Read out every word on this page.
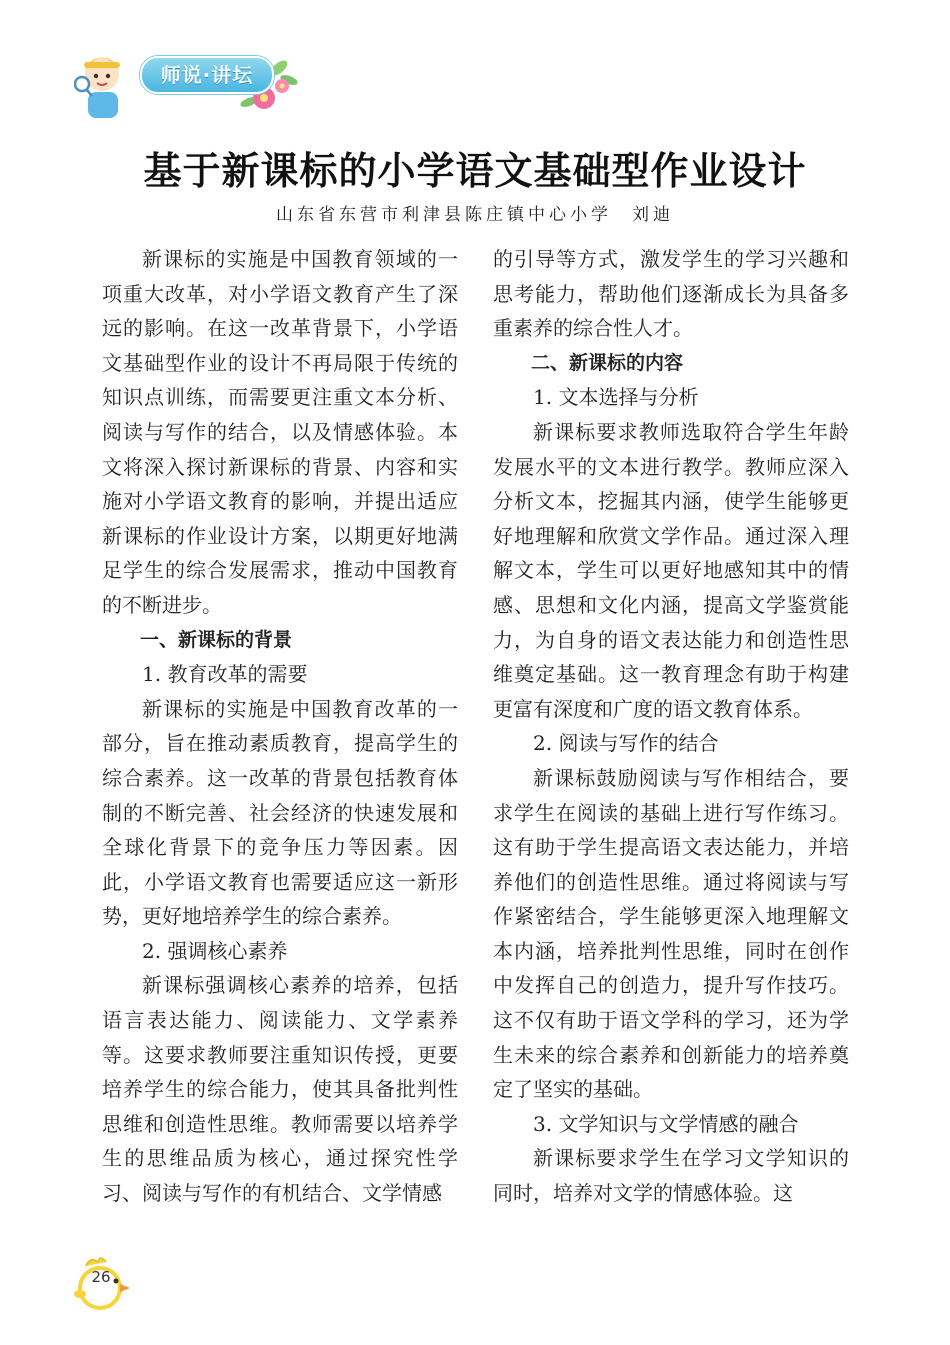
师说·讲坛
基于新课标的小学语文基础型作业设计
山东省东营市利津县陈庄镇中心小学 刘迪

新课标的实施是中国教育领域的一项重大改革，对小学语文教育产生了深远的影响。在这一改革背景下，小学语文基础型作业的设计不再局限于传统的知识点训练，而需要更注重文本分析、阅读与写作的结合，以及情感体验。本文将深入探讨新课标的背景、内容和实施对小学语文教育的影响，并提出适应新课标的作业设计方案，以期更好地满足学生的综合发展需求，推动中国教育的不断进步。

一、新课标的背景
1. 教育改革的需要

新课标的实施是中国教育改革的一部分，旨在推动素质教育，提高学生的综合素养。这一改革的背景包括教育体制的不断完善、社会经济的快速发展和全球化背景下的竞争压力等因素。因此，小学语文教育也需要适应这一新形势，更好地培养学生的综合素养。

2. 强调核心素养

新课标强调核心素养的培养，包括语言表达能力、阅读能力、文学素养等。这要求教师要注重知识传授，更要培养学生的综合能力，使其具备批判性思维和创造性思维。教师需要以培养学生的思维品质为核心，通过探究性学习、阅读与写作的有机结合、文学情感

的引导等方式，激发学生的学习兴趣和思考能力，帮助他们逐渐成长为具备多重素养的综合性人才。

二、新课标的内容
1. 文本选择与分析

新课标要求教师选取符合学生年龄发展水平的文本进行教学。教师应深入分析文本，挖掘其内涵，使学生能够更好地理解和欣赏文学作品。通过深入理解文本，学生可以更好地感知其中的情感、思想和文化内涵，提高文学鉴赏能力，为自身的语文表达能力和创造性思维奠定基础。这一教育理念有助于构建更富有深度和广度的语文教育体系。

2. 阅读与写作的结合

新课标鼓励阅读与写作相结合，要求学生在阅读的基础上进行写作练习。这有助于学生提高语文表达能力，并培养他们的创造性思维。通过将阅读与写作紧密结合，学生能够更深入地理解文本内涵，培养批判性思维，同时在创作中发挥自己的创造力，提升写作技巧。这不仅有助于语文学科的学习，还为学生未来的综合素养和创新能力的培养奠定了坚实的基础。

3. 文学知识与文学情感的融合

新课标要求学生在学习文学知识的同时，培养对文学的情感体验。这

26
